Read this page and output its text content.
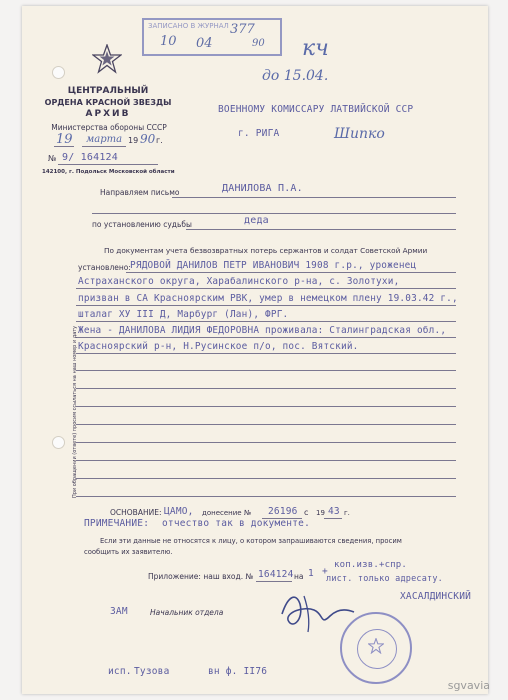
ЗАПИСАНО В ЖУРНАЛ
10 04
377
90
ЦЕНТРАЛЬНЫЙ
ОРДЕНА КРАСНОЙ ЗВЕЗДЫ
АРХИВ
Министерства обороны СССР
19 марта 19 90 г.
№ 9/ 164124
142100, г. Подольск Московской области
кч
до 15.04.
Шипко
ВОЕННОМУ КОМИССАРУ ЛАТВИЙСКОЙ ССР
г. РИГА
Направляем письмо	ДАНИЛОВА П.А.
по установлению судьбы	деда
По документам учета безвозвратных потерь сержантов и солдат Советской Армии
установлено: РЯДОВОЙ ДАНИЛОВ ПЕТР ИВАНОВИЧ 1908 г.р., уроженец
Астраханского округа, Харабалинского р-на, с. Золотухи,
призван в СА Красноярским РВК, умер в немецком плену 19.03.42 г.,
шталаг ХУ III Д, Марбург (Лан), ФРГ.
Жена - ДАНИЛОВА ЛИДИЯ ФЕДОРОВНА проживала: Сталинградская обл.,
Красноярский р-н, Н.Русинское п/о, пос. Вятский.
При обращении (ответе) просим ссылаться на наш номер и дату
ОСНОВАНИЕ: ЦАМО, донесение № 26196 с 19 43 г.
ПРИМЕЧАНИЕ: отчество так в документе.
Если эти данные не относятся к лицу, о котором запрашиваются сведения, просим
сообщить их заявителю.
Приложение: наш вход. № 164124 на 1 +
коп.изв.+спр.
лист. только адресату.
ЗАМ	Начальник отдела
ХАСАЛДИНСКИЙ
исп. Тузова	вн ф. II76
sgvavia
